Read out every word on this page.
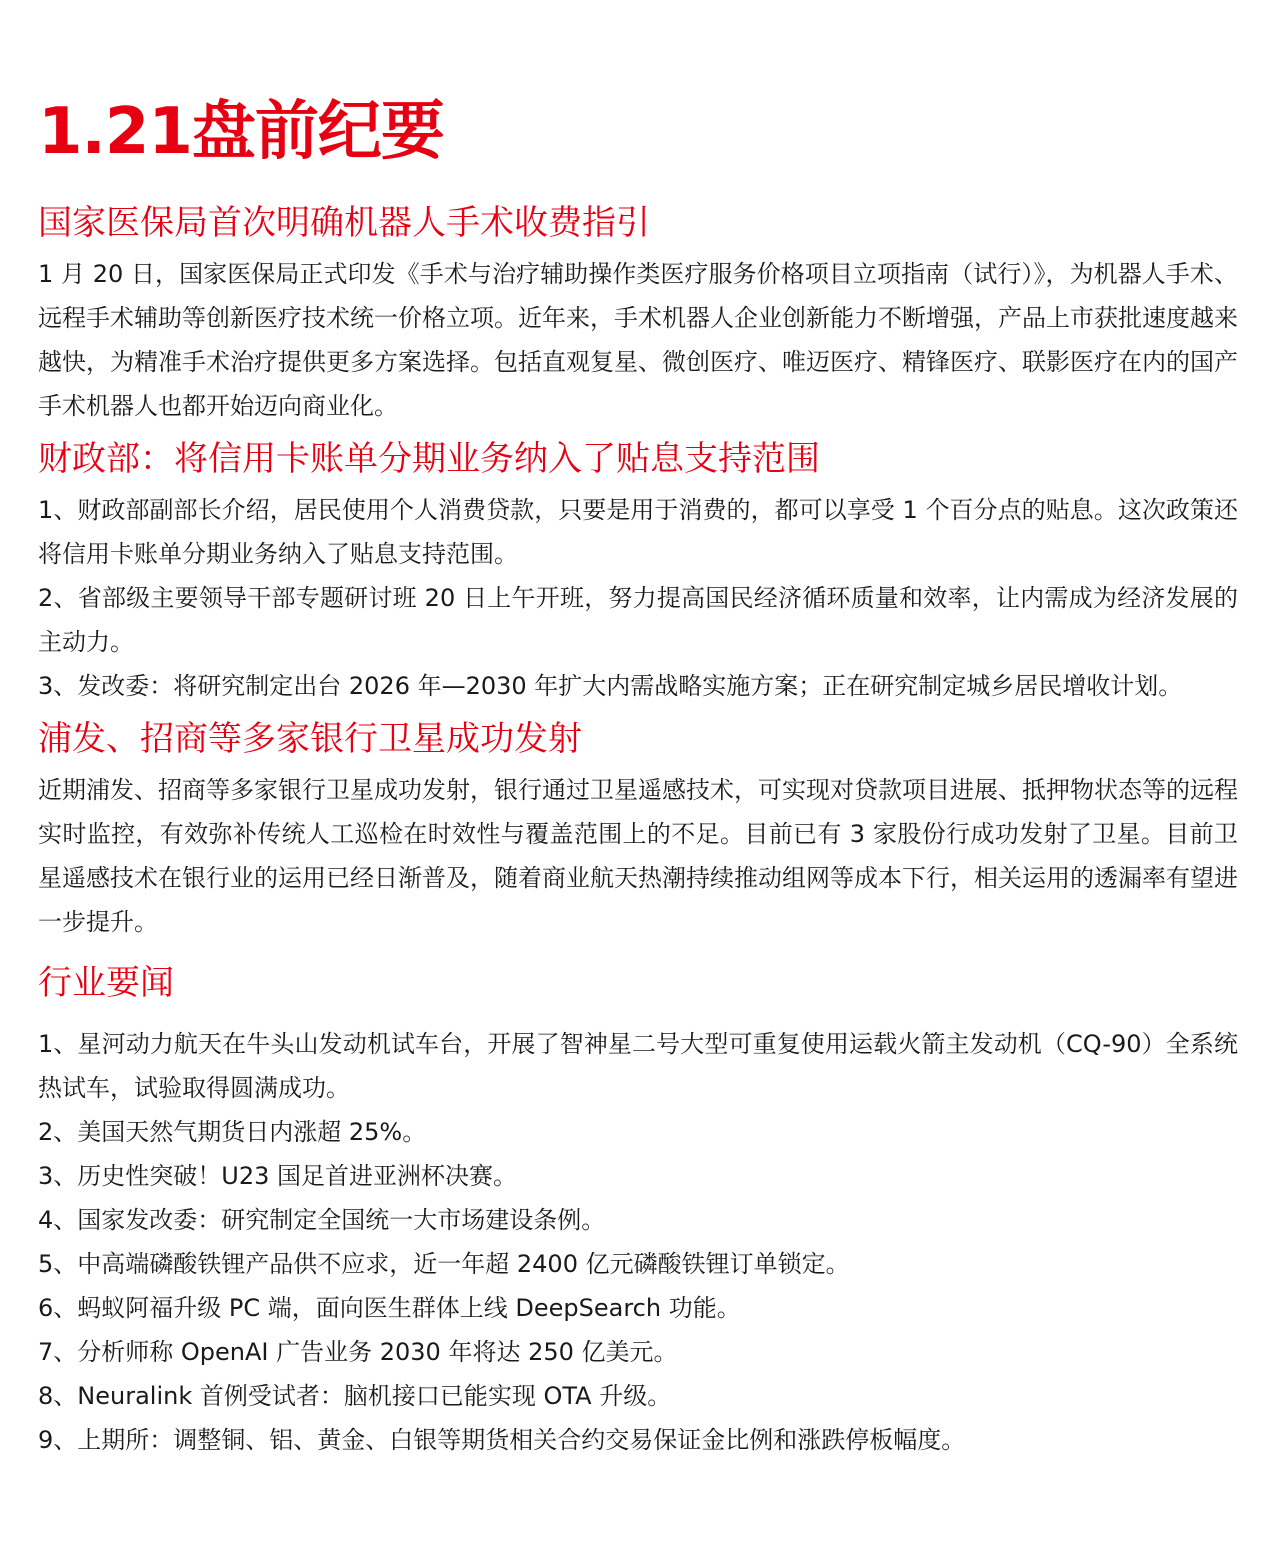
1.21盘前纪要
国家医保局首次明确机器人手术收费指引

1 月 20 日，国家医保局正式印发《手术与治疗辅助操作类医疗服务价格项目立项指南（试行）》，为机器人手术、远程手术辅助等创新医疗技术统一价格立项。近年来，手术机器人企业创新能力不断增强，产品上市获批速度越来越快，为精准手术治疗提供更多方案选择。包括直观复星、微创医疗、唯迈医疗、精锋医疗、联影医疗在内的国产手术机器人也都开始迈向商业化。

财政部：将信用卡账单分期业务纳入了贴息支持范围

1、财政部副部长介绍，居民使用个人消费贷款，只要是用于消费的，都可以享受 1 个百分点的贴息。这次政策还将信用卡账单分期业务纳入了贴息支持范围。

2、省部级主要领导干部专题研讨班 20 日上午开班，努力提高国民经济循环质量和效率，让内需成为经济发展的主动力。

3、发改委：将研究制定出台 2026 年—2030 年扩大内需战略实施方案；正在研究制定城乡居民增收计划。

浦发、招商等多家银行卫星成功发射

近期浦发、招商等多家银行卫星成功发射，银行通过卫星遥感技术，可实现对贷款项目进展、抵押物状态等的远程实时监控，有效弥补传统人工巡检在时效性与覆盖范围上的不足。目前已有 3 家股份行成功发射了卫星。目前卫星遥感技术在银行业的运用已经日渐普及，随着商业航天热潮持续推动组网等成本下行，相关运用的透漏率有望进一步提升。

行业要闻

1、星河动力航天在牛头山发动机试车台，开展了智神星二号大型可重复使用运载火箭主发动机（CQ-90）全系统热试车，试验取得圆满成功。

2、美国天然气期货日内涨超 25%。

3、历史性突破！U23 国足首进亚洲杯决赛。

4、国家发改委：研究制定全国统一大市场建设条例。

5、中高端磷酸铁锂产品供不应求，近一年超 2400 亿元磷酸铁锂订单锁定。

6、蚂蚁阿福升级 PC 端，面向医生群体上线 DeepSearch 功能。

7、分析师称 OpenAI 广告业务 2030 年将达 250 亿美元。

8、Neuralink 首例受试者：脑机接口已能实现 OTA 升级。

9、上期所：调整铜、铝、黄金、白银等期货相关合约交易保证金比例和涨跌停板幅度。
